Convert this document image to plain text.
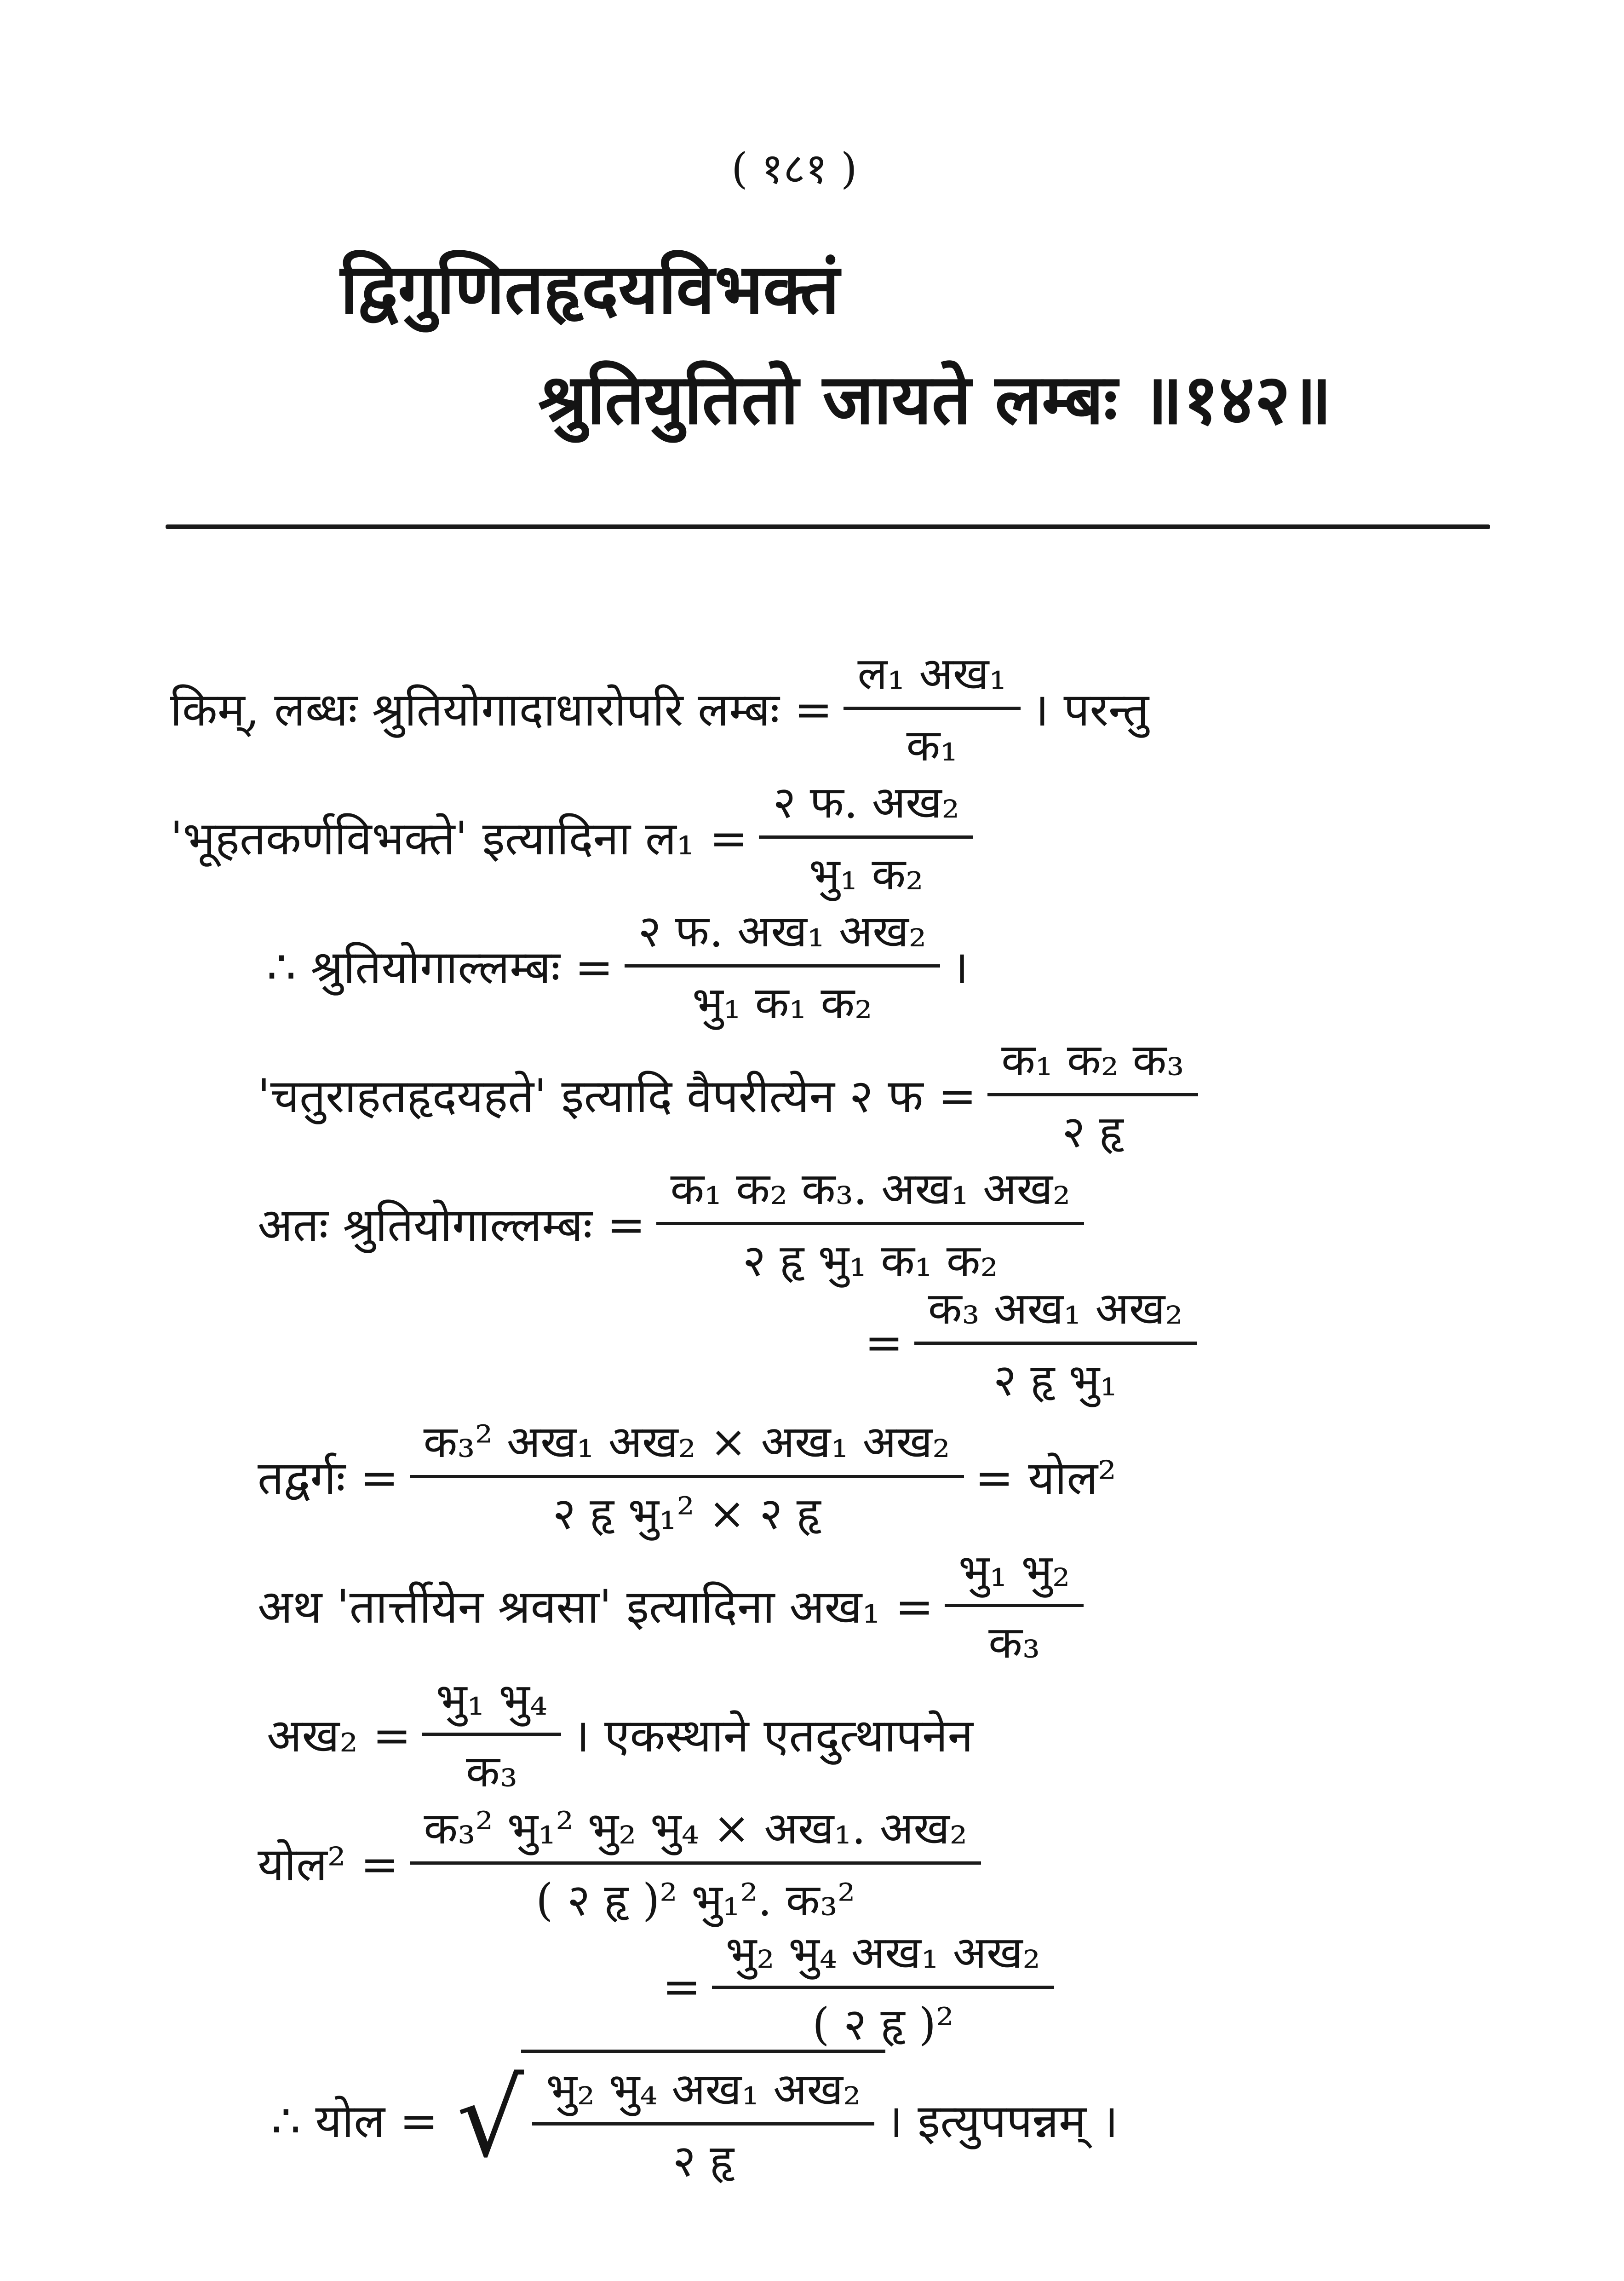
( १८१ )
द्विगुणितहृदयविभक्तं
श्रुतियुतितो जायते लम्बः ॥१४२॥
किम्, लब्धः श्रुतियोगादाधारोपरि लम्बः = $\frac{\text{ल₁ अख₁}}{\text{क₁}}$ । परन्तु
'भूहतकर्णविभक्ते' इत्यादिना ल₁ = $\frac{\text{२ फ. अख₂}}{\text{भु₁ क₂}}$
∴ श्रुतियोगाल्लम्बः = $\frac{\text{२ फ. अख₁ अख₂}}{\text{भु₁ क₁ क₂}}$ ।
'चतुराहतहृदयहते' इत्यादि वैपरीत्येन २ फ = $\frac{\text{क₁ क₂ क₃}}{\text{२ हृ}}$
अतः श्रुतियोगाल्लम्बः = $\frac{\text{क₁ क₂ क₃. अख₁ अख₂}}{\text{२ हृ भु₁ क₁ क₂}}$
= $\frac{\text{क₃ अख₁ अख₂}}{\text{२ हृ भु₁}}$
तद्वर्गः = $\frac{\text{क₃² अख₁ अख₂ × अख₁ अख₂}}{\text{२ हृ भु₁² × २ हृ}}$ = योल²
अथ 'तार्त्तीयेन श्रवसा' इत्यादिना अख₁ = $\frac{\text{भु₁ भु₂}}{\text{क₃}}$
अख₂ = $\frac{\text{भु₁ भु₄}}{\text{क₃}}$ । एकस्थाने एतदुत्थापनेन
योल² = $\frac{\text{क₃² भु₁² भु₂ भु₄ × अख₁. अख₂}}{\text{( २ हृ )² भु₁². क₃²}}$
= $\frac{\text{भु₂ भु₄ अख₁ अख₂}}{\text{( २ हृ )²}}$
∴ योल = √ $\frac{\text{भु₂ भु₄ अख₁ अख₂}}{\text{२ हृ}}$ । इत्युपपन्नम् ।
